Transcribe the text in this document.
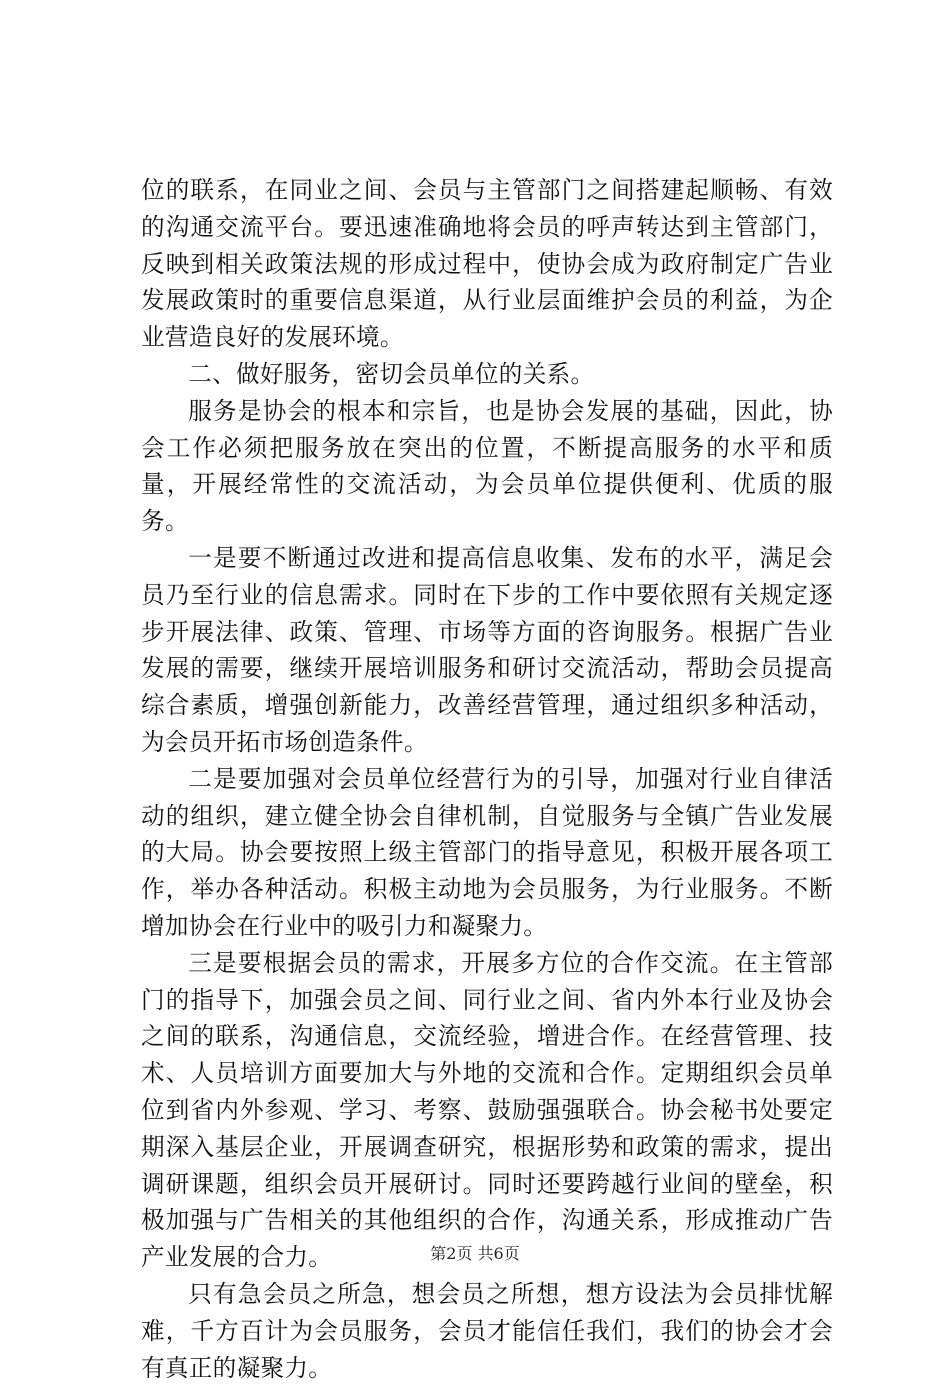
位的联系，在同业之间、会员与主管部门之间搭建起顺畅、有效的沟通交流平台。要迅速准确地将会员的呼声转达到主管部门，反映到相关政策法规的形成过程中，使协会成为政府制定广告业发展政策时的重要信息渠道，从行业层面维护会员的利益，为企业营造良好的发展环境。

二、做好服务，密切会员单位的关系。

服务是协会的根本和宗旨，也是协会发展的基础，因此，协会工作必须把服务放在突出的位置，不断提高服务的水平和质量，开展经常性的交流活动，为会员单位提供便利、优质的服务。

一是要不断通过改进和提高信息收集、发布的水平，满足会员乃至行业的信息需求。同时在下步的工作中要依照有关规定逐步开展法律、政策、管理、市场等方面的咨询服务。根据广告业发展的需要，继续开展培训服务和研讨交流活动，帮助会员提高综合素质，增强创新能力，改善经营管理，通过组织多种活动，为会员开拓市场创造条件。

二是要加强对会员单位经营行为的引导，加强对行业自律活动的组织，建立健全协会自律机制，自觉服务与全镇广告业发展的大局。协会要按照上级主管部门的指导意见，积极开展各项工作，举办各种活动。积极主动地为会员服务，为行业服务。不断增加协会在行业中的吸引力和凝聚力。

三是要根据会员的需求，开展多方位的合作交流。在主管部门的指导下，加强会员之间、同行业之间、省内外本行业及协会之间的联系，沟通信息，交流经验，增进合作。在经营管理、技术、人员培训方面要加大与外地的交流和合作。定期组织会员单位到省内外参观、学习、考察、鼓励强强联合。协会秘书处要定期深入基层企业，开展调查研究，根据形势和政策的需求，提出调研课题，组织会员开展研讨。同时还要跨越行业间的壁垒，积极加强与广告相关的其他组织的合作，沟通关系，形成推动广告产业发展的合力。

只有急会员之所急，想会员之所想，想方设法为会员排忧解难，千方百计为会员服务，会员才能信任我们，我们的协会才会有真正的凝聚力。

第2页 共6页
